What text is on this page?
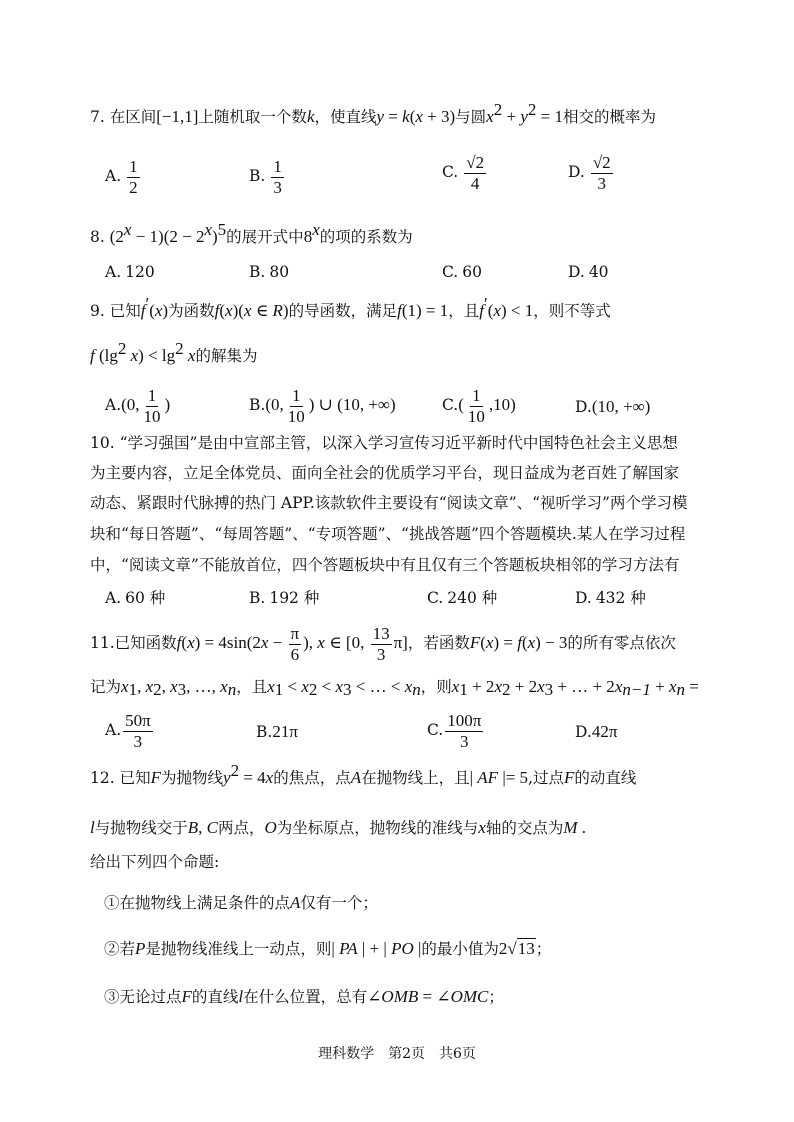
7. 在区间[−1,1]上随机取一个数k，使直线y = k(x + 3)与圆$x^2 + y^2 = 1$相交的概率为
A. $\frac{1}{2}$	B. $\frac{1}{3}$	C. $\frac{√2}{4}$	D. $\frac{√2}{3}$
8. $(2^x - 1)(2 - 2^x)^5$的展开式中8$^x$的项的系数为
A. 120	B. 80	C. 60	D. 40
9. 已知f′(x)为函数f(x)(x ∈ R)的导函数，满足f(1) = 1，且f′(x) < 1，则不等式
f ($\lg^2$ $x) < \lg^2 x$的解集为
A.(0, $\frac{1}{10}$ )	B.(0, $\frac{1}{10}$ ) ∪ (10, +∞)	$C.( \frac{1}{10} ,10)$	D.(10, +∞)
10. “学习强国”是由中宣部主管，以深入学习宣传习近平新时代中国特色社会主义思想
为主要内容，立足全体党员、面向全社会的优质学习平台，现日益成为老百姓了解国家
动态、紧跟时代脉搏的热门 APP.该款软件主要设有“阅读文章”、“视听学习”两个学习模
块和“每日答题”、“每周答题”、“专项答题”、“挑战答题”四个答题模块.某人在学习过程
中，“阅读文章”不能放首位，四个答题板块中有且仅有三个答题板块相邻的学习方法有
A. 60 种	B. 192 种	C. 240 种	D. 432 种
11.已知函数$f(x) = 4\sin(2x - \frac{\pi}{6}$ ), x ∈ [0, $\frac{13}{3} \pi$]，若函数F(x) = f(x) − 3的所有零点依次
记为$x_1$, $x_2$, $x_3$, …, $x_n$，且$x_1 < x_2 < x_3$ < … < $x_n$，则$x_1 + 2x_2 + 2x_3$ + … + $2x_{n-1} + x_n$ =
A. $\frac{50\pi}{3}$	B.21π	C. $\frac{100\pi}{3}$	D.42π
12. 已知F为抛物线$y^2 = 4x$的焦点，点A在抛物线上，且| AF |= 5,过点F的动直线
l与抛物线交于B, C两点，O为坐标原点，抛物线的准线与x轴的交点为M .
给出下列四个命题:
①在抛物线上满足条件的点A仅有一个；
②若P是抛物线准线上一动点，则| PA | + | PO |的最小值为2√13；
③无论过点F的直线l在什么位置，总有∠OMB = ∠OMC；
理科数学　第2页　共6页
